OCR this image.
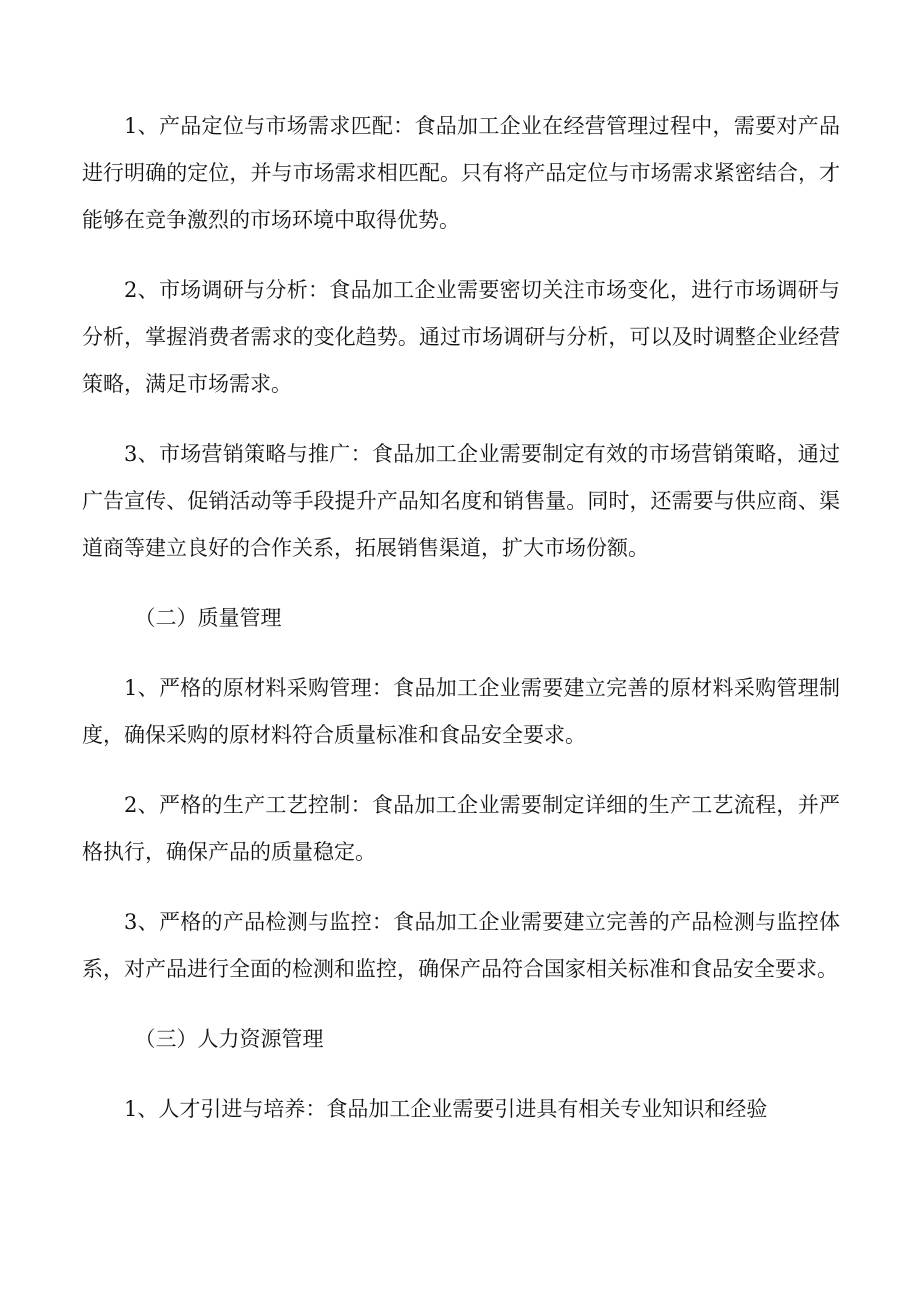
1、产品定位与市场需求匹配：食品加工企业在经营管理过程中，需要对产品进行明确的定位，并与市场需求相匹配。只有将产品定位与市场需求紧密结合，才能够在竞争激烈的市场环境中取得优势。

2、市场调研与分析：食品加工企业需要密切关注市场变化，进行市场调研与分析，掌握消费者需求的变化趋势。通过市场调研与分析，可以及时调整企业经营策略，满足市场需求。

3、市场营销策略与推广：食品加工企业需要制定有效的市场营销策略，通过广告宣传、促销活动等手段提升产品知名度和销售量。同时，还需要与供应商、渠道商等建立良好的合作关系，拓展销售渠道，扩大市场份额。

（二）质量管理

1、严格的原材料采购管理：食品加工企业需要建立完善的原材料采购管理制度，确保采购的原材料符合质量标准和食品安全要求。

2、严格的生产工艺控制：食品加工企业需要制定详细的生产工艺流程，并严格执行，确保产品的质量稳定。

3、严格的产品检测与监控：食品加工企业需要建立完善的产品检测与监控体系，对产品进行全面的检测和监控，确保产品符合国家相关标准和食品安全要求。

（三）人力资源管理

1、人才引进与培养：食品加工企业需要引进具有相关专业知识和经验
